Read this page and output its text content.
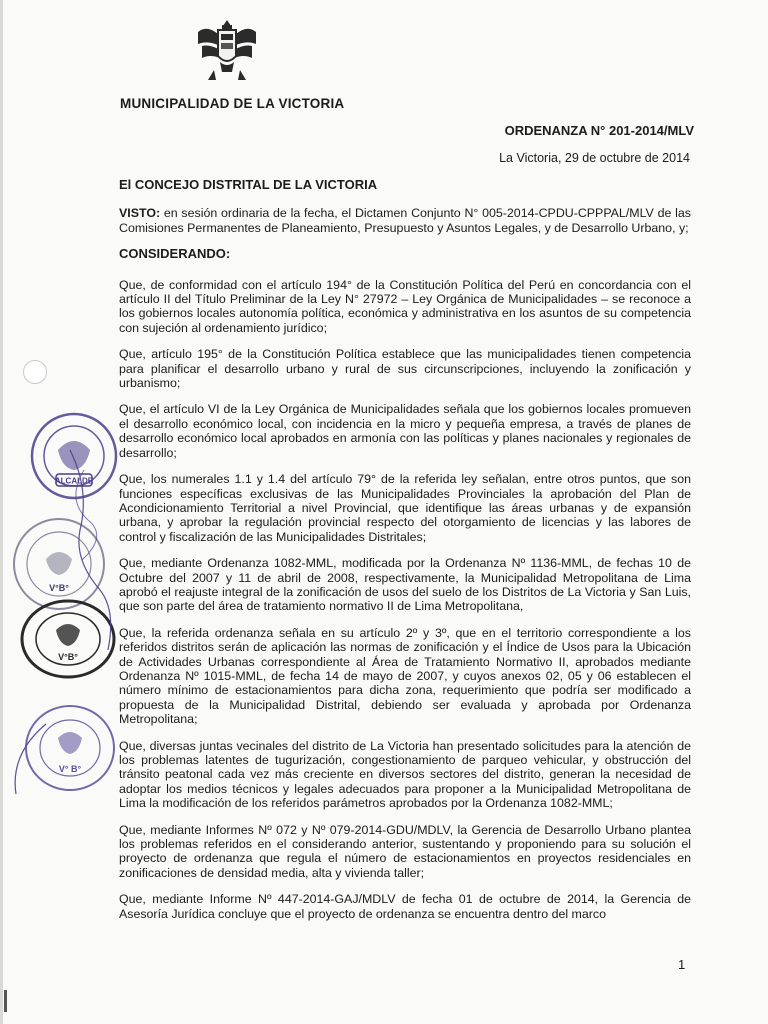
MUNICIPALIDAD DE LA VICTORIA
ORDENANZA N° 201-2014/MLV
La Victoria, 29 de octubre de 2014

El CONCEJO DISTRITAL DE LA VICTORIA

VISTO: en sesión ordinaria de la fecha, el Dictamen Conjunto N° 005-2014-CPDU-CPPPAL/MLV de las Comisiones Permanentes de Planeamiento, Presupuesto y Asuntos Legales, y de Desarrollo Urbano, y;

CONSIDERANDO:

Que, de conformidad con el artículo 194° de la Constitución Política del Perú en concordancia con el artículo II del Título Preliminar de la Ley N° 27972 – Ley Orgánica de Municipalidades – se reconoce a los gobiernos locales autonomía política, económica y administrativa en los asuntos de su competencia con sujeción al ordenamiento jurídico;

Que, artículo 195° de la Constitución Política establece que las municipalidades tienen competencia para planificar el desarrollo urbano y rural de sus circunscripciones, incluyendo la zonificación y urbanismo;

Que, el artículo VI de la Ley Orgánica de Municipalidades señala que los gobiernos locales promueven el desarrollo económico local, con incidencia en la micro y pequeña empresa, a través de planes de desarrollo económico local aprobados en armonía con las políticas y planes nacionales y regionales de desarrollo;

Que, los numerales 1.1 y 1.4 del artículo 79° de la referida ley señalan, entre otros puntos, que son funciones específicas exclusivas de las Municipalidades Provinciales la aprobación del Plan de Acondicionamiento Territorial a nivel Provincial, que identifique las áreas urbanas y de expansión urbana, y aprobar la regulación provincial respecto del otorgamiento de licencias y las labores de control y fiscalización de las Municipalidades Distritales;

Que, mediante Ordenanza 1082-MML, modificada por la Ordenanza Nº 1136-MML, de fechas 10 de Octubre del 2007 y 11 de abril de 2008, respectivamente, la Municipalidad Metropolitana de Lima aprobó el reajuste integral de la zonificación de usos del suelo de los Distritos de La Victoria y San Luis, que son parte del área de tratamiento normativo II de Lima Metropolitana,

Que, la referida ordenanza señala en su artículo 2º y 3º, que en el territorio correspondiente a los referidos distritos serán de aplicación las normas de zonificación y el Índice de Usos para la Ubicación de Actividades Urbanas correspondiente al Área de Tratamiento Normativo II, aprobados mediante Ordenanza Nº 1015-MML, de fecha 14 de mayo de 2007, y cuyos anexos 02, 05 y 06 establecen el número mínimo de estacionamientos para dicha zona, requerimiento que podría ser modificado a propuesta de la Municipalidad Distrital, debiendo ser evaluada y aprobada por Ordenanza Metropolitana;

Que, diversas juntas vecinales del distrito de La Victoria han presentado solicitudes para la atención de los problemas latentes de tugurización, congestionamiento de parqueo vehicular, y obstrucción del tránsito peatonal cada vez más creciente en diversos sectores del distrito, generan la necesidad de adoptar los medios técnicos y legales adecuados para proponer a la Municipalidad Metropolitana de Lima la modificación de los referidos parámetros aprobados por la Ordenanza 1082-MML;

Que, mediante Informes Nº 072 y Nº 079-2014-GDU/MDLV, la Gerencia de Desarrollo Urbano plantea los problemas referidos en el considerando anterior, sustentando y proponiendo para su solución el proyecto de ordenanza que regula el número de estacionamientos en proyectos residenciales en zonificaciones de densidad media, alta y vivienda taller;

Que, mediante Informe Nº 447-2014-GAJ/MDLV de fecha 01 de octubre de 2014, la Gerencia de Asesoría Jurídica concluye que el proyecto de ordenanza se encuentra dentro del marco

ALCALDE
V°B°
V°B°
V° B°
1
